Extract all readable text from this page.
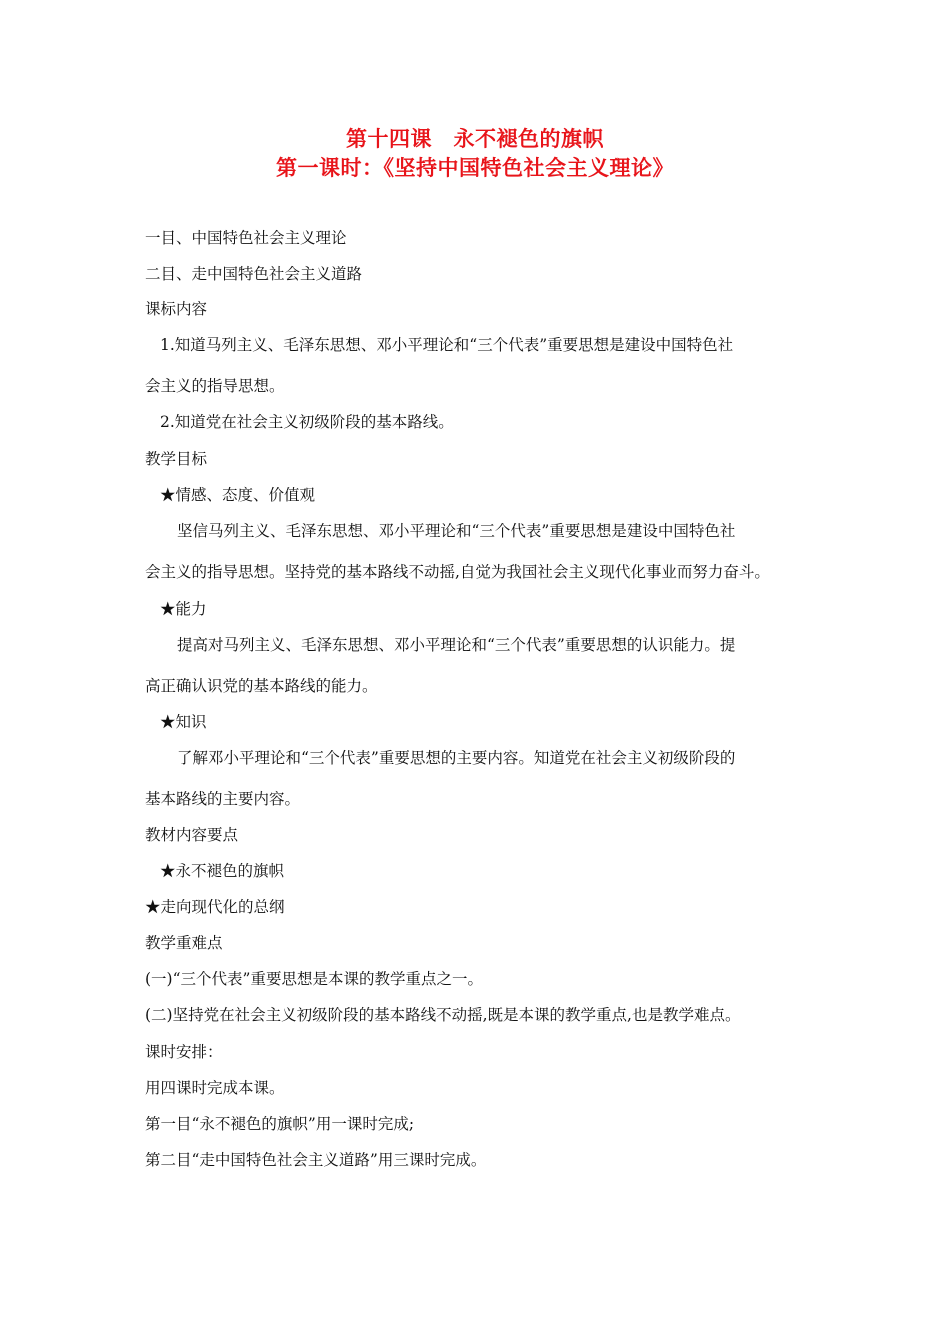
第十四课　永不褪色的旗帜
第一课时：《坚持中国特色社会主义理论》
一目、中国特色社会主义理论
二目、走中国特色社会主义道路
课标内容
1.知道马列主义、毛泽东思想、邓小平理论和“三个代表”重要思想是建设中国特色社
会主义的指导思想。
2.知道党在社会主义初级阶段的基本路线。
教学目标
★情感、态度、价值观
坚信马列主义、毛泽东思想、邓小平理论和“三个代表”重要思想是建设中国特色社
会主义的指导思想。坚持党的基本路线不动摇,自觉为我国社会主义现代化事业而努力奋斗。
★能力
提高对马列主义、毛泽东思想、邓小平理论和“三个代表”重要思想的认识能力。提
高正确认识党的基本路线的能力。
★知识
了解邓小平理论和“三个代表”重要思想的主要内容。知道党在社会主义初级阶段的
基本路线的主要内容。
教材内容要点
★永不褪色的旗帜
★走向现代化的总纲
教学重难点
(一)“三个代表”重要思想是本课的教学重点之一。
(二)坚持党在社会主义初级阶段的基本路线不动摇,既是本课的教学重点,也是教学难点。
课时安排：
用四课时完成本课。
第一目“永不褪色的旗帜”用一课时完成;
第二目“走中国特色社会主义道路”用三课时完成。
